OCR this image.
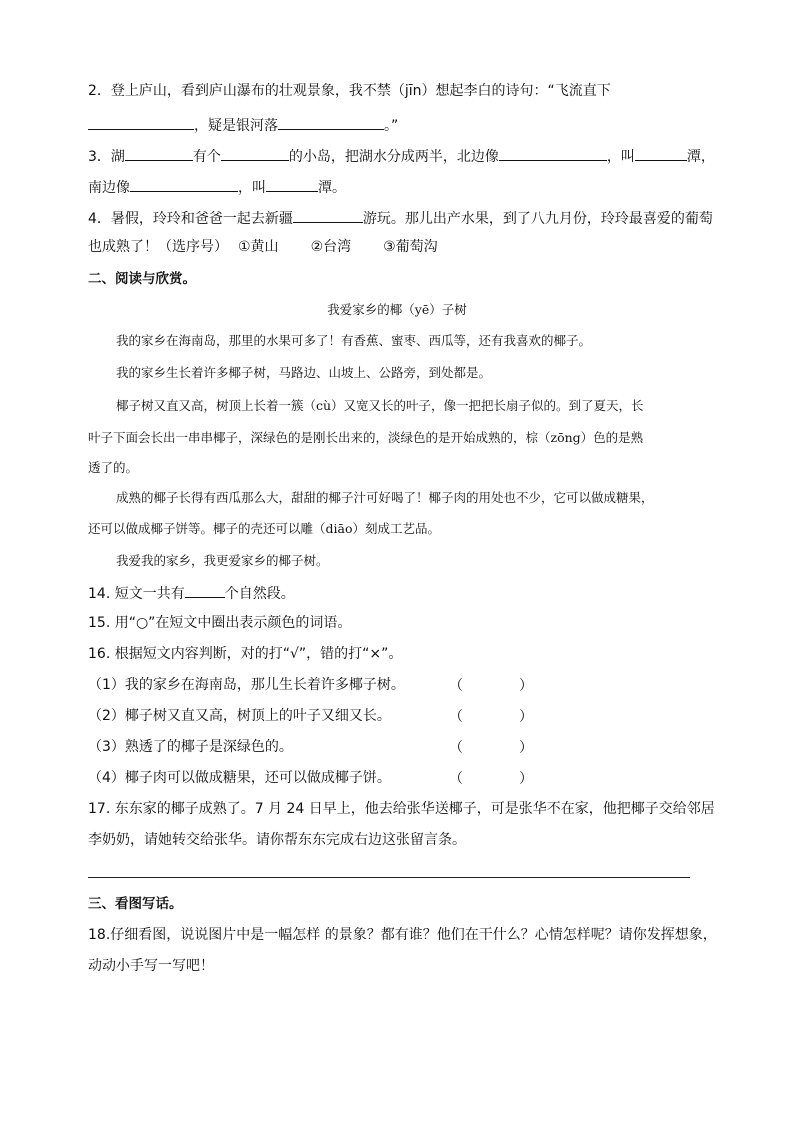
2．登上庐山，看到庐山瀑布的壮观景象，我不禁（jīn）想起李白的诗句：“飞流直下
，疑是银河落	。”
3．湖	有个	的小岛，把湖水分成两半，北边像	，叫	潭，
南边像	，叫	潭。
4．暑假，玲玲和爸爸一起去新疆	游玩。那儿出产水果，到了八九月份，玲玲最喜爱的葡萄
也成熟了！（选序号） ①黄山 ②台湾 ③葡萄沟
二、阅读与欣赏。
我爱家乡的椰（yē）子树
我的家乡在海南岛，那里的水果可多了！有香蕉、蜜枣、西瓜等，还有我喜欢的椰子。
我的家乡生长着许多椰子树，马路边、山坡上、公路旁，到处都是。
椰子树又直又高，树顶上长着一簇（cù）又宽又长的叶子，像一把把长扇子似的。到了夏天，长
叶子下面会长出一串串椰子，深绿色的是刚长出来的，淡绿色的是开始成熟的，棕（zōng）色的是熟
透了的。
成熟的椰子长得有西瓜那么大，甜甜的椰子汁可好喝了！椰子肉的用处也不少，它可以做成糖果，
还可以做成椰子饼等。椰子的壳还可以雕（diāo）刻成工艺品。
我爱我的家乡，我更爱家乡的椰子树。
14. 短文一共有	个自然段。
15. 用“○”在短文中圈出表示颜色的词语。
16. 根据短文内容判断，对的打“√”，错的打“×”。
（1）我的家乡在海南岛，那儿生长着许多椰子树。	（　　　　）
（2）椰子树又直又高，树顶上的叶子又细又长。	（　　　　）
（3）熟透了的椰子是深绿色的。	（　　　　）
（4）椰子肉可以做成糖果，还可以做成椰子饼。	（　　　　）
17. 东东家的椰子成熟了。7 月 24 日早上，他去给张华送椰子，可是张华不在家，他把椰子交给邻居
李奶奶，请她转交给张华。请你帮东东完成右边这张留言条。
三、看图写话。
18.仔细看图，说说图片中是一幅怎样 的景象？都有谁？他们在干什么？心情怎样呢？请你发挥想象，
动动小手写一写吧！
